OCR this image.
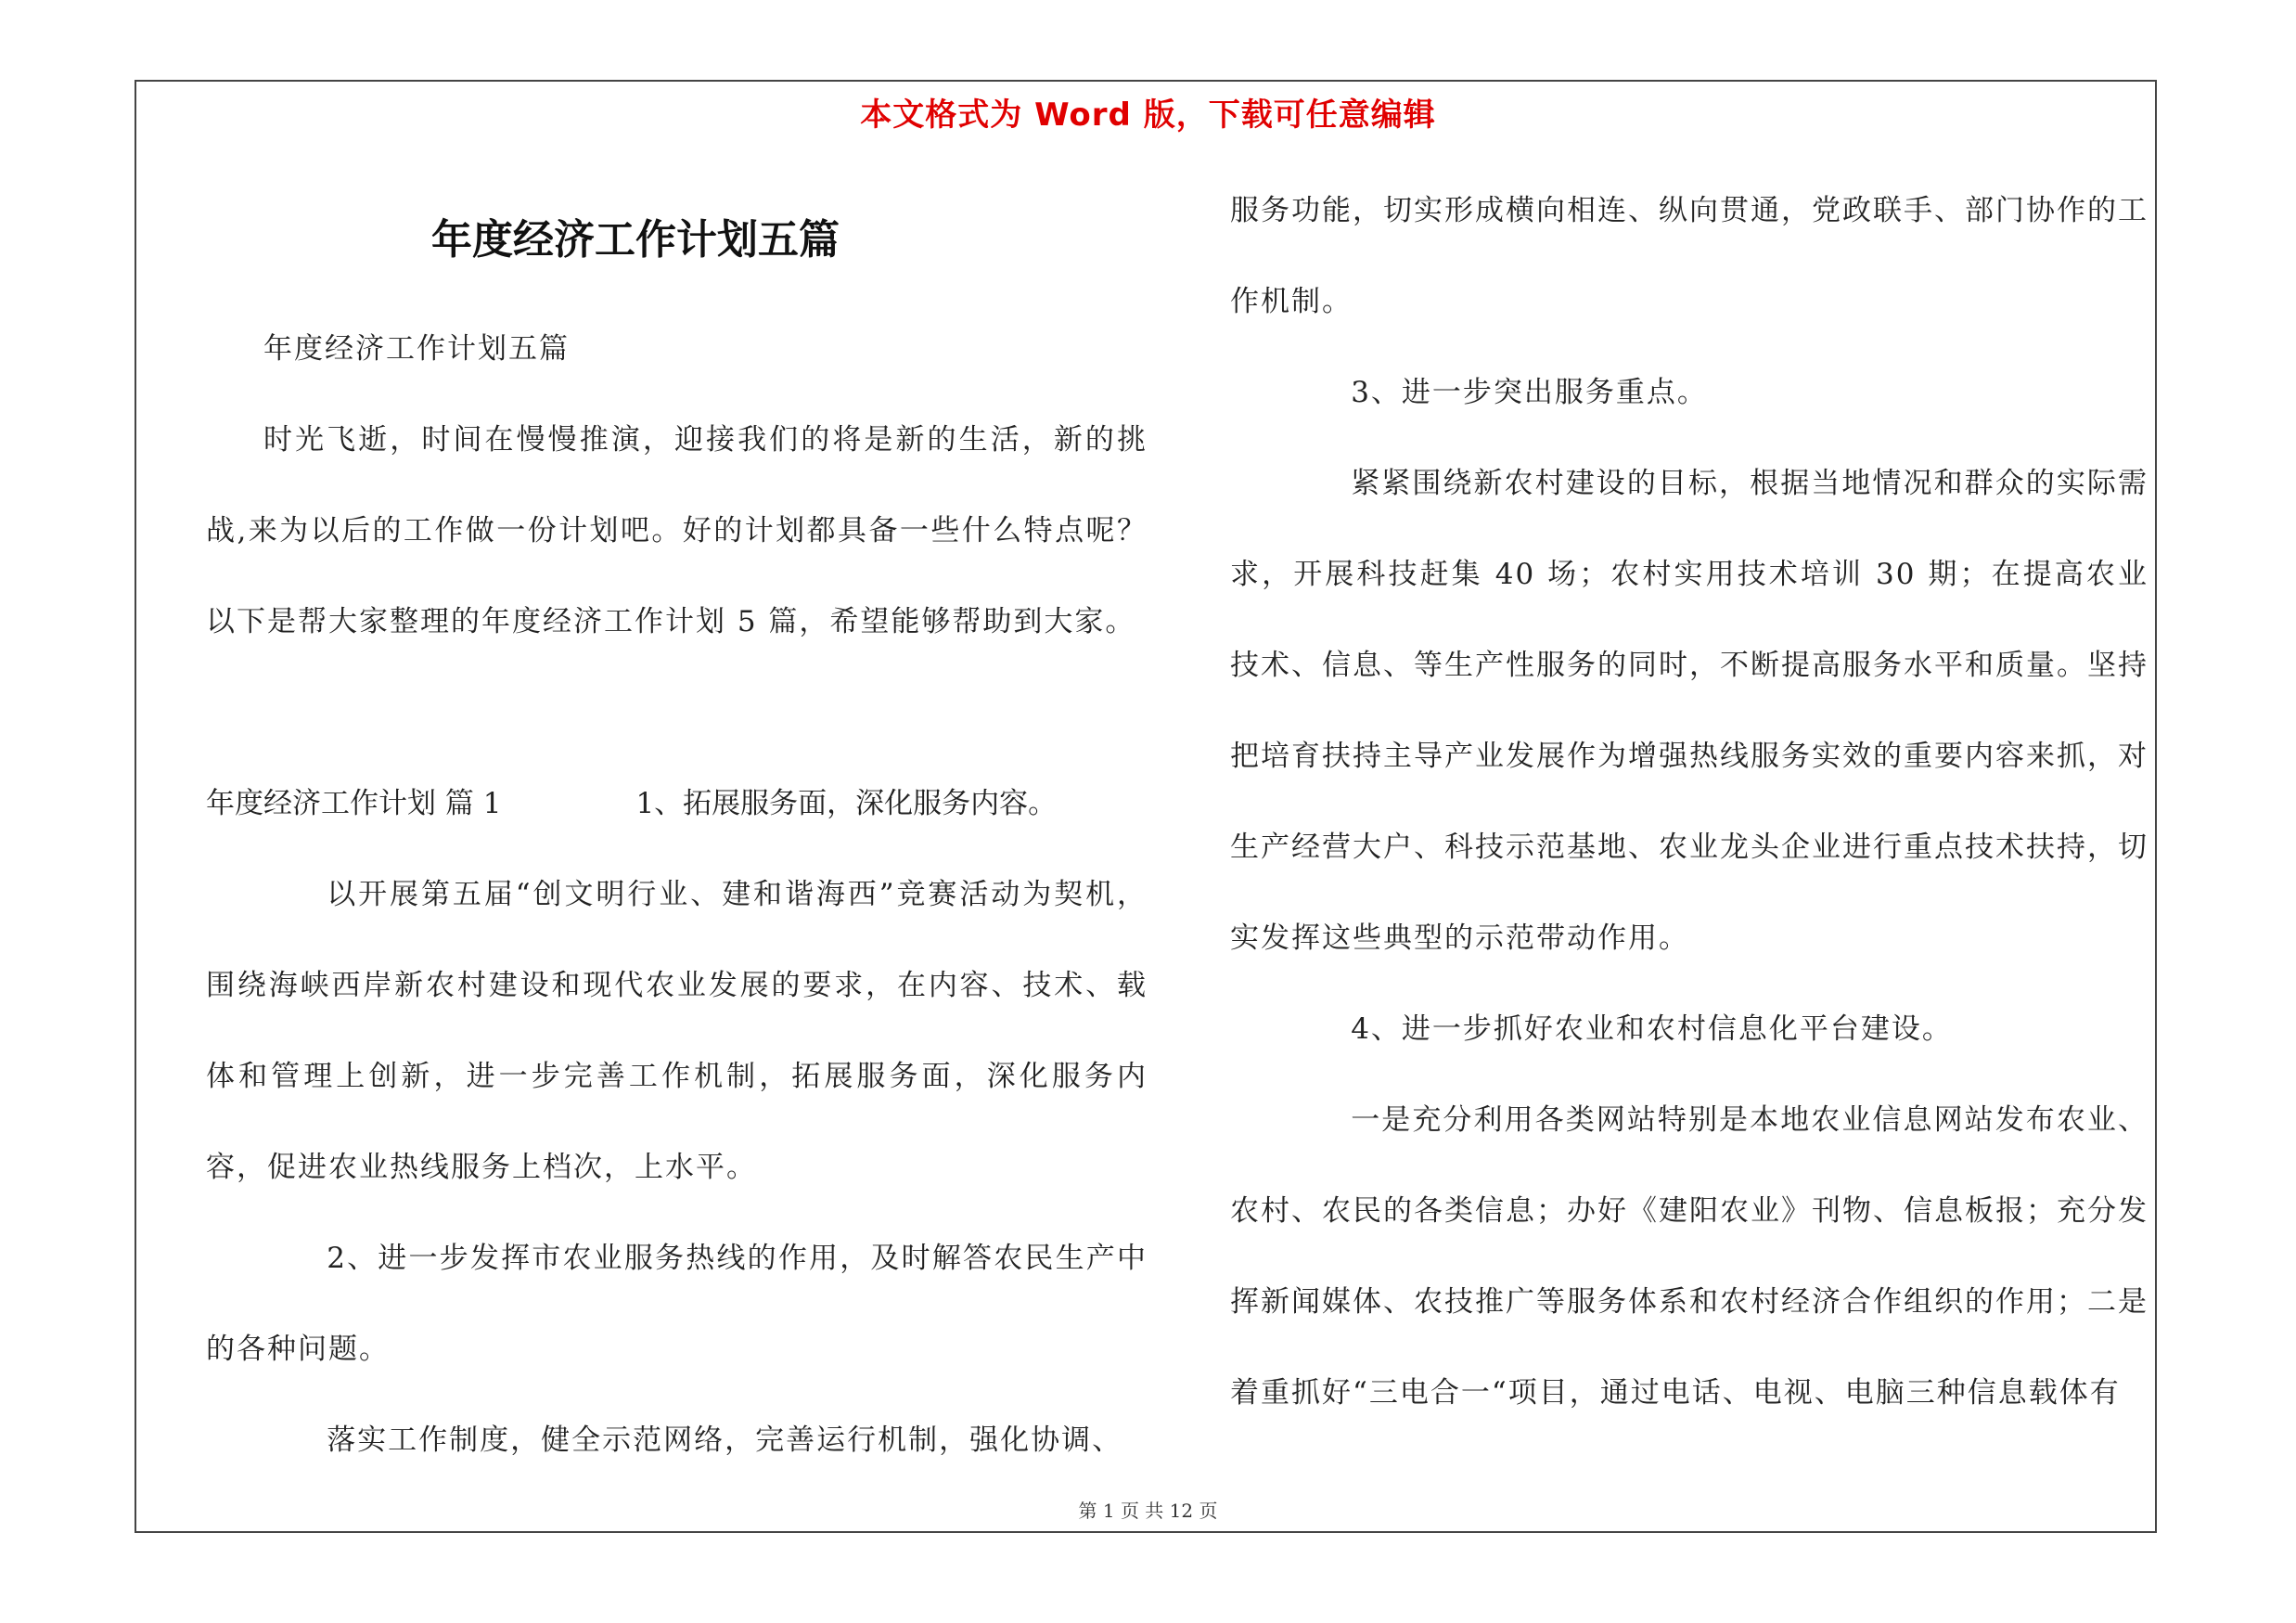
本文格式为 Word 版，下载可任意编辑
年度经济工作计划五篇

年度经济工作计划五篇

时光飞逝，时间在慢慢推演，迎接我们的将是新的生活，新的挑战,来为以后的工作做一份计划吧。好的计划都具备一些什么特点呢？以下是帮大家整理的年度经济工作计划 5 篇，希望能够帮助到大家。

年度经济工作计划 篇 1	1、拓展服务面，深化服务内容。

以开展第五届“创文明行业、建和谐海西”竞赛活动为契机，围绕海峡西岸新农村建设和现代农业发展的要求，在内容、技术、载体和管理上创新，进一步完善工作机制，拓展服务面，深化服务内容，促进农业热线服务上档次，上水平。

2、进一步发挥市农业服务热线的作用，及时解答农民生产中的各种问题。

落实工作制度，健全示范网络，完善运行机制，强化协调、

服务功能，切实形成横向相连、纵向贯通，党政联手、部门协作的工作机制。

3、进一步突出服务重点。

紧紧围绕新农村建设的目标，根据当地情况和群众的实际需求，开展科技赶集 40 场；农村实用技术培训 30 期；在提高农业技术、信息、等生产性服务的同时，不断提高服务水平和质量。坚持把培育扶持主导产业发展作为增强热线服务实效的重要内容来抓，对生产经营大户、科技示范基地、农业龙头企业进行重点技术扶持，切实发挥这些典型的示范带动作用。

4、进一步抓好农业和农村信息化平台建设。

一是充分利用各类网站特别是本地农业信息网站发布农业、农村、农民的各类信息；办好《建阳农业》刊物、信息板报；充分发挥新闻媒体、农技推广等服务体系和农村经济合作组织的作用；二是着重抓好“三电合一“项目，通过电话、电视、电脑三种信息载体有

第 1 页 共 12 页
